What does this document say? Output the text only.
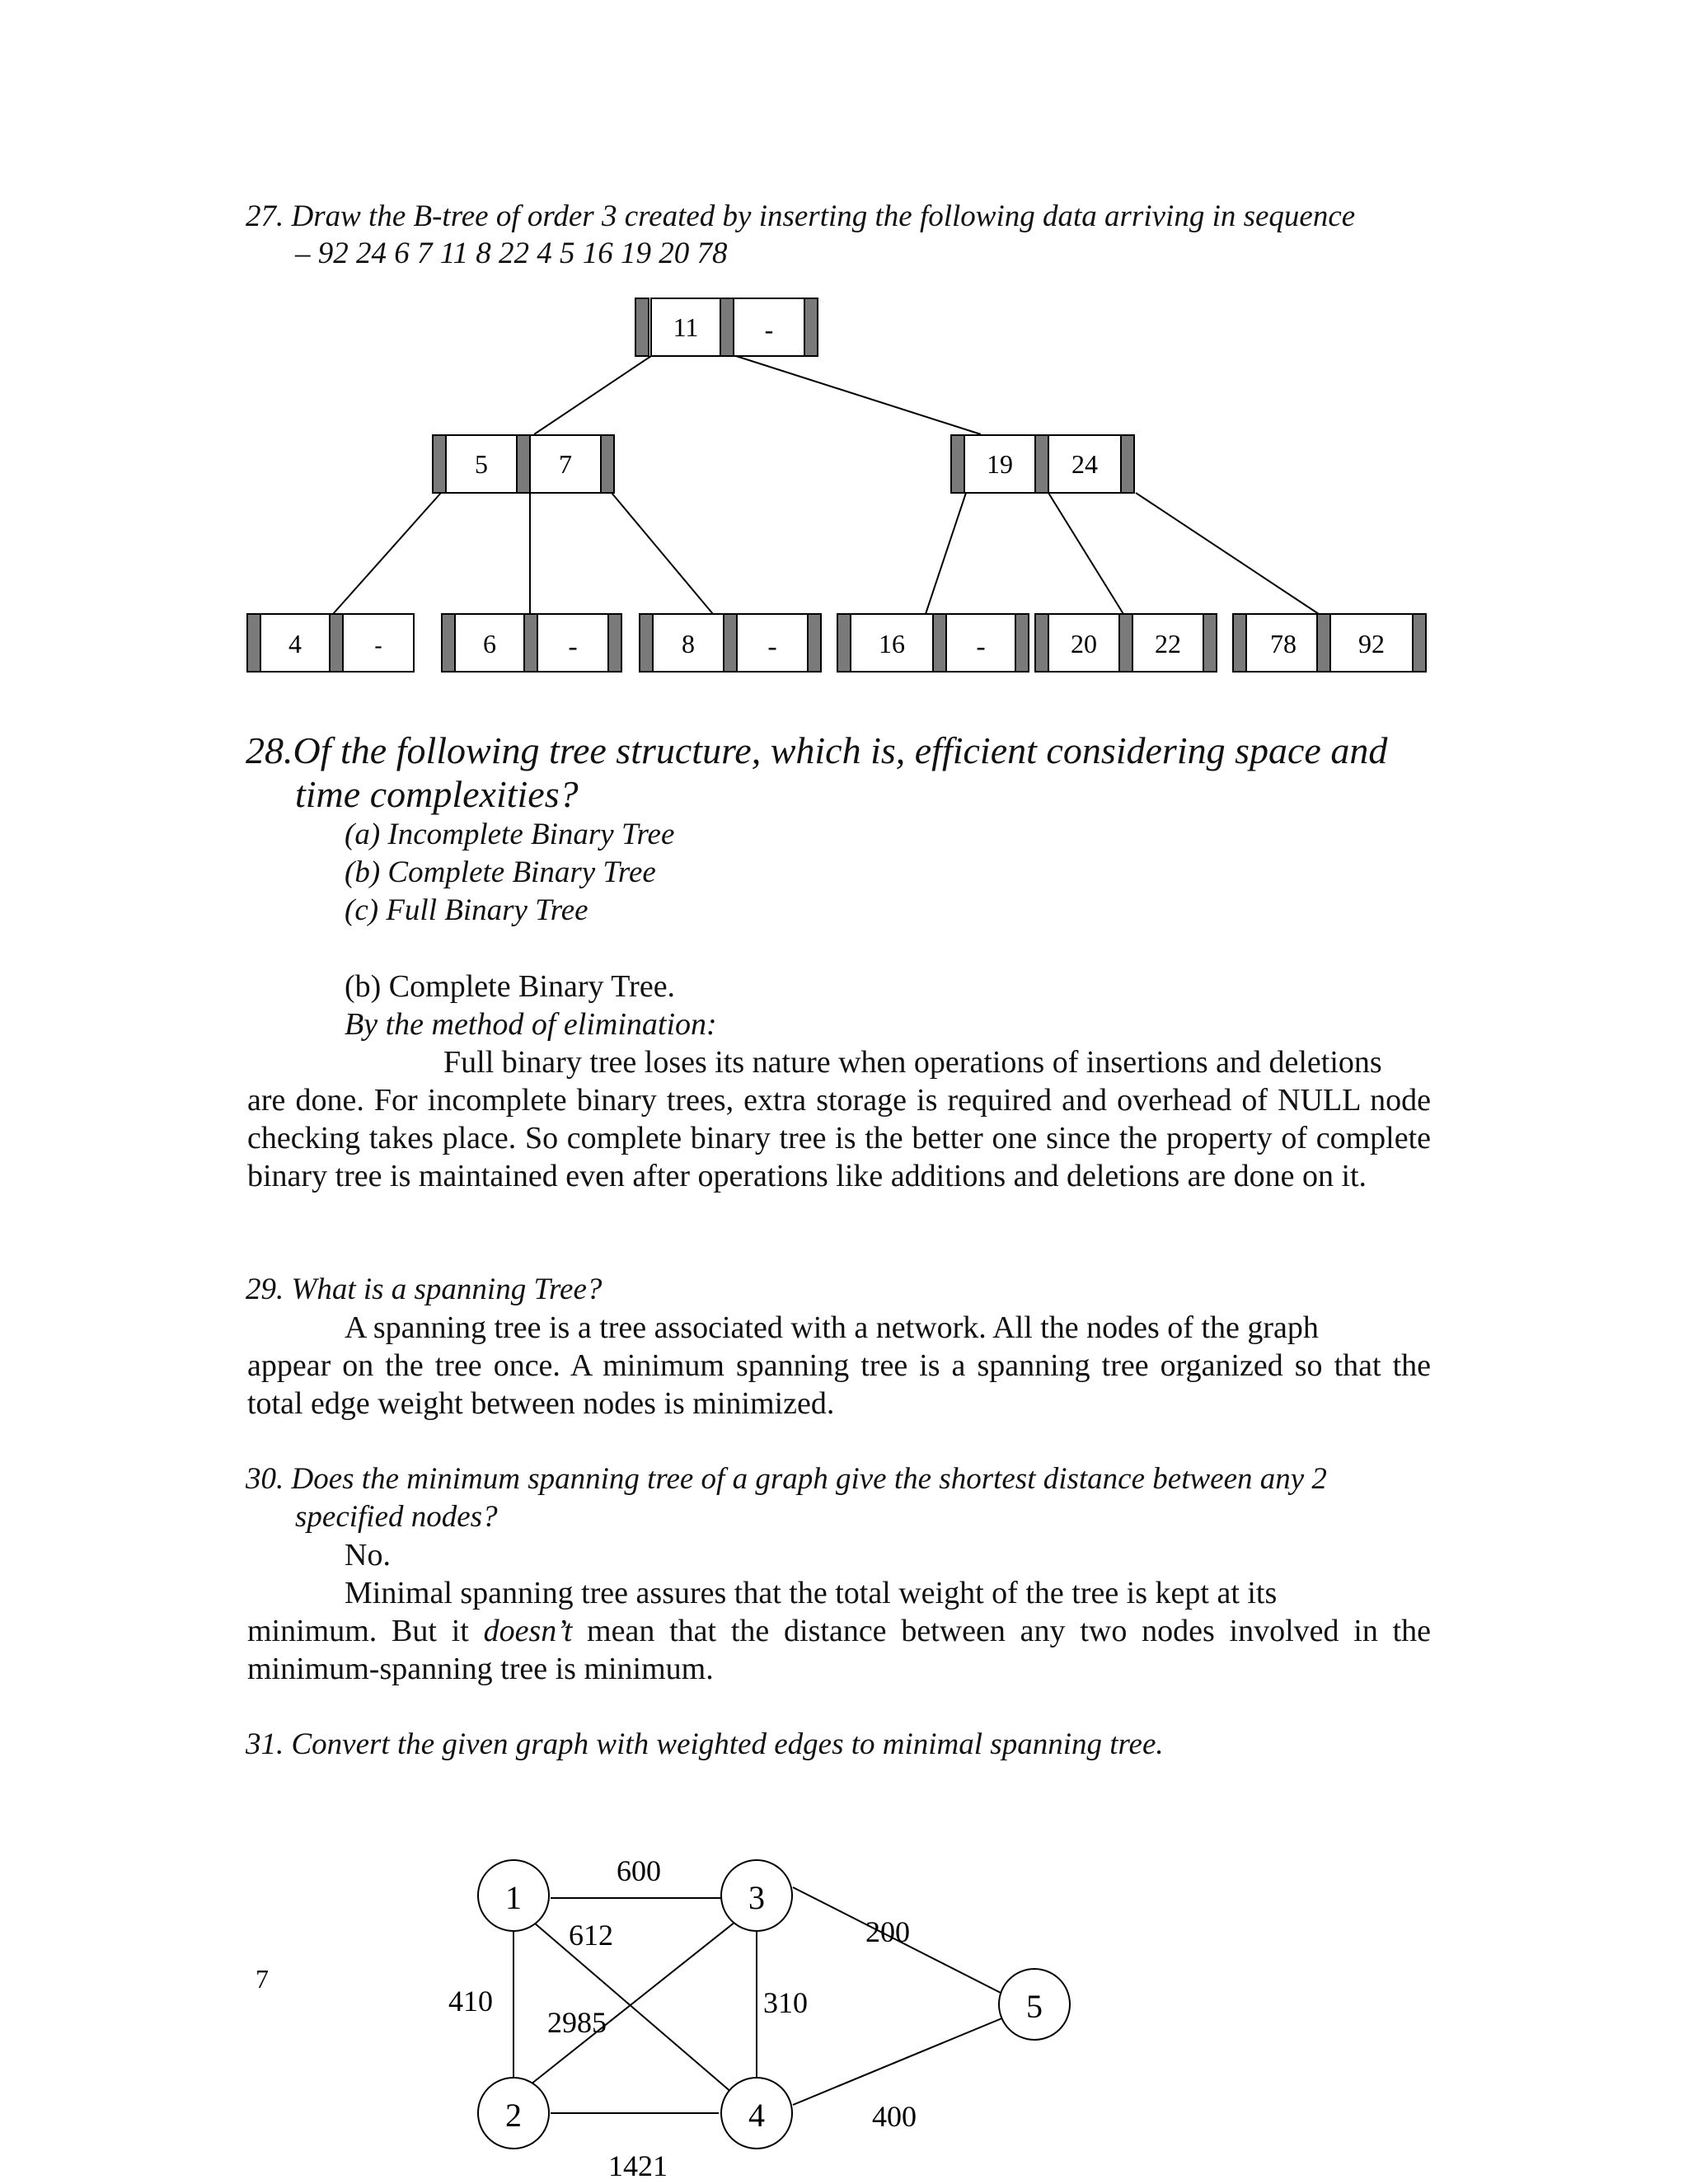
27. Draw the B-tree of order 3 created by inserting the following data arriving in sequence
– 92 24 6 7 11 8 22 4 5 16 19 20 78
11	-
5	7	19 24
4	-	6	-	8	-	16	-	20 22	78 92
28.Of the following tree structure, which is, efficient considering space and
time complexities?
(a) Incomplete Binary Tree
(b) Complete Binary Tree
(c) Full Binary Tree
(b) Complete Binary Tree.
By the method of elimination:
Full binary tree loses its nature when operations of insertions and deletions
are done. For incomplete binary trees, extra storage is required and overhead of NULL node checking takes place. So complete binary tree is the better one since the property of complete binary tree is maintained even after operations like additions and deletions are done on it.
29. What is a spanning Tree?
A spanning tree is a tree associated with a network. All the nodes of the graph
appear on the tree once. A minimum spanning tree is a spanning tree organized so that the total edge weight between nodes is minimized.
30. Does the minimum spanning tree of a graph give the shortest distance between any 2
specified nodes?
No.
Minimal spanning tree assures that the total weight of the tree is kept at its
minimum. But it doesn’t mean that the distance between any two nodes involved in the minimum-spanning tree is minimum.
31. Convert the given graph with weighted edges to minimal spanning tree.
7
1
2
3
4
5
600
612
410
2985
310
1421
200
400
